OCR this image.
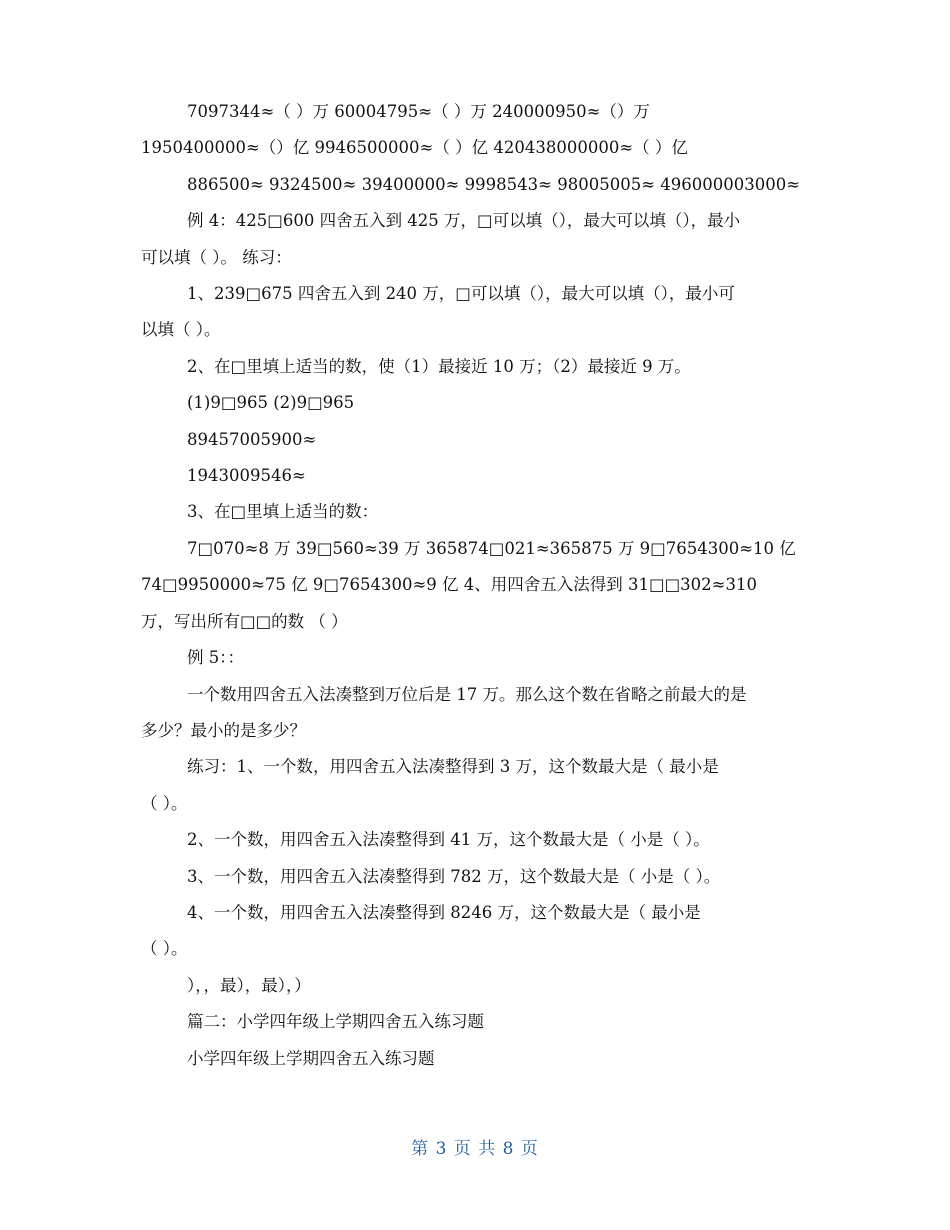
7097344≈（ ）万 60004795≈（ ）万 240000950≈（）万

1950400000≈（）亿 9946500000≈（ ）亿 420438000000≈（ ）亿

886500≈ 9324500≈ 39400000≈ 9998543≈ 98005005≈ 496000003000≈

例 4：425□600 四舍五入到 425 万，□可以填（），最大可以填（），最小

可以填（ ）。 练习：

1、239□675 四舍五入到 240 万，□可以填（），最大可以填（），最小可

以填（ ）。

2、在□里填上适当的数，使（1）最接近 10 万；（2）最接近 9 万。

(1)9□965 (2)9□965

89457005900≈

1943009546≈

3、在□里填上适当的数：

7□070≈8 万 39□560≈39 万 365874□021≈365875 万 9□7654300≈10 亿

74□9950000≈75 亿 9□7654300≈9 亿 4、用四舍五入法得到 31□□302≈310

万，写出所有□□的数 （ ）

例 5：：

一个数用四舍五入法凑整到万位后是 17 万。那么这个数在省略之前最大的是

多少？最小的是多少？

练习：1、一个数，用四舍五入法凑整得到 3 万，这个数最大是（ 最小是

（ ）。

2、一个数，用四舍五入法凑整得到 41 万，这个数最大是（ 小是（ ）。

3、一个数，用四舍五入法凑整得到 782 万，这个数最大是（ 小是（ ）。

4、一个数，用四舍五入法凑整得到 8246 万，这个数最大是（ 最小是

（ ）。

），，最），最），）

篇二：小学四年级上学期四舍五入练习题

小学四年级上学期四舍五入练习题

第 3 页 共 8 页
